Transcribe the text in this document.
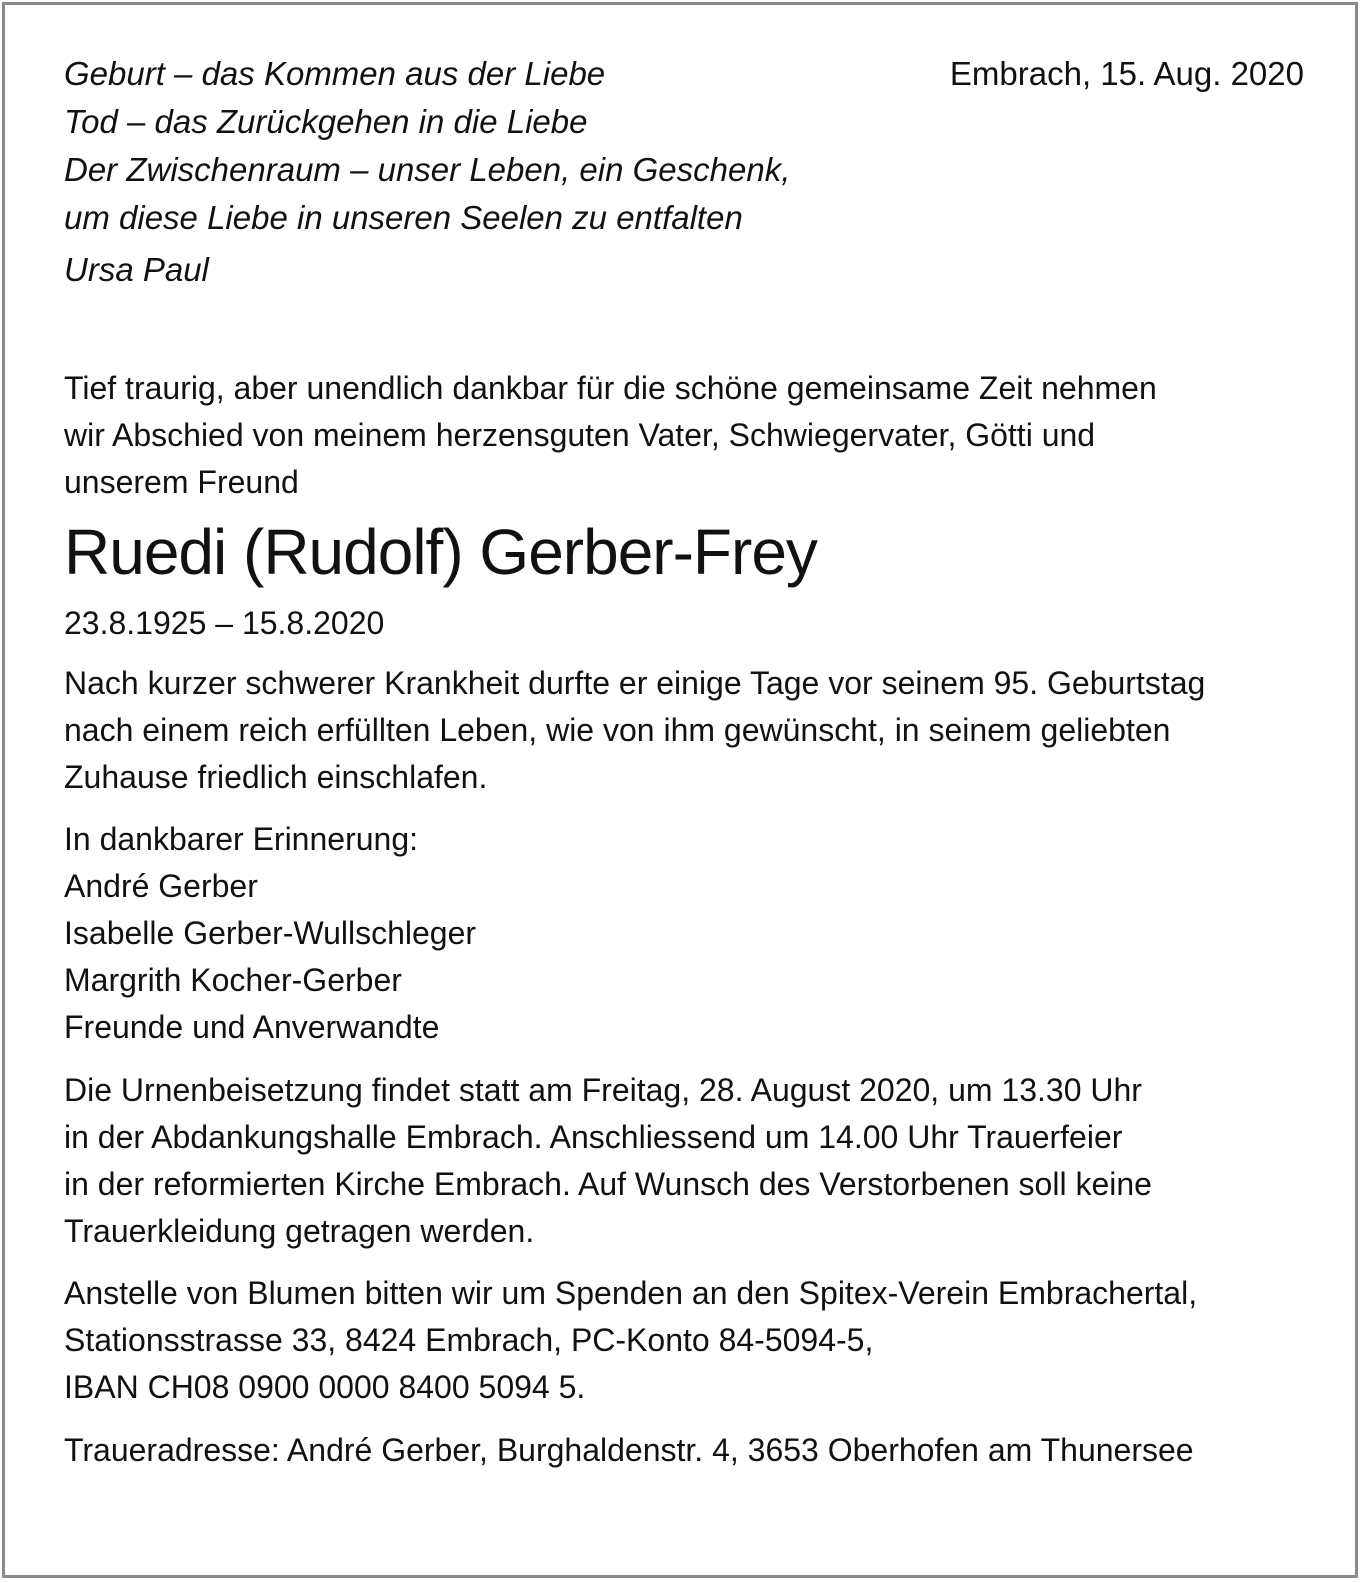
Embrach, 15. Aug. 2020
Geburt – das Kommen aus der Liebe
Tod – das Zurückgehen in die Liebe
Der Zwischenraum – unser Leben, ein Geschenk,
um diese Liebe in unseren Seelen zu entfalten
Ursa Paul
Tief traurig, aber unendlich dankbar für die schöne gemeinsame Zeit nehmen
wir Abschied von meinem herzensguten Vater, Schwiegervater, Götti und
unserem Freund
Ruedi (Rudolf) Gerber-Frey
23.8.1925 – 15.8.2020
Nach kurzer schwerer Krankheit durfte er einige Tage vor seinem 95. Geburtstag
nach einem reich erfüllten Leben, wie von ihm gewünscht, in seinem geliebten
Zuhause friedlich einschlafen.
In dankbarer Erinnerung:
André Gerber
Isabelle Gerber-Wullschleger
Margrith Kocher-Gerber
Freunde und Anverwandte
Die Urnenbeisetzung findet statt am Freitag, 28. August 2020, um 13.30 Uhr
in der Abdankungshalle Embrach. Anschliessend um 14.00 Uhr Trauerfeier
in der reformierten Kirche Embrach. Auf Wunsch des Verstorbenen soll keine
Trauerkleidung getragen werden.
Anstelle von Blumen bitten wir um Spenden an den Spitex-Verein Embrachertal,
Stationsstrasse 33, 8424 Embrach, PC-Konto 84-5094-5,
IBAN CH08 0900 0000 8400 5094 5.
Traueradresse: André Gerber, Burghaldenstr. 4, 3653 Oberhofen am Thunersee
